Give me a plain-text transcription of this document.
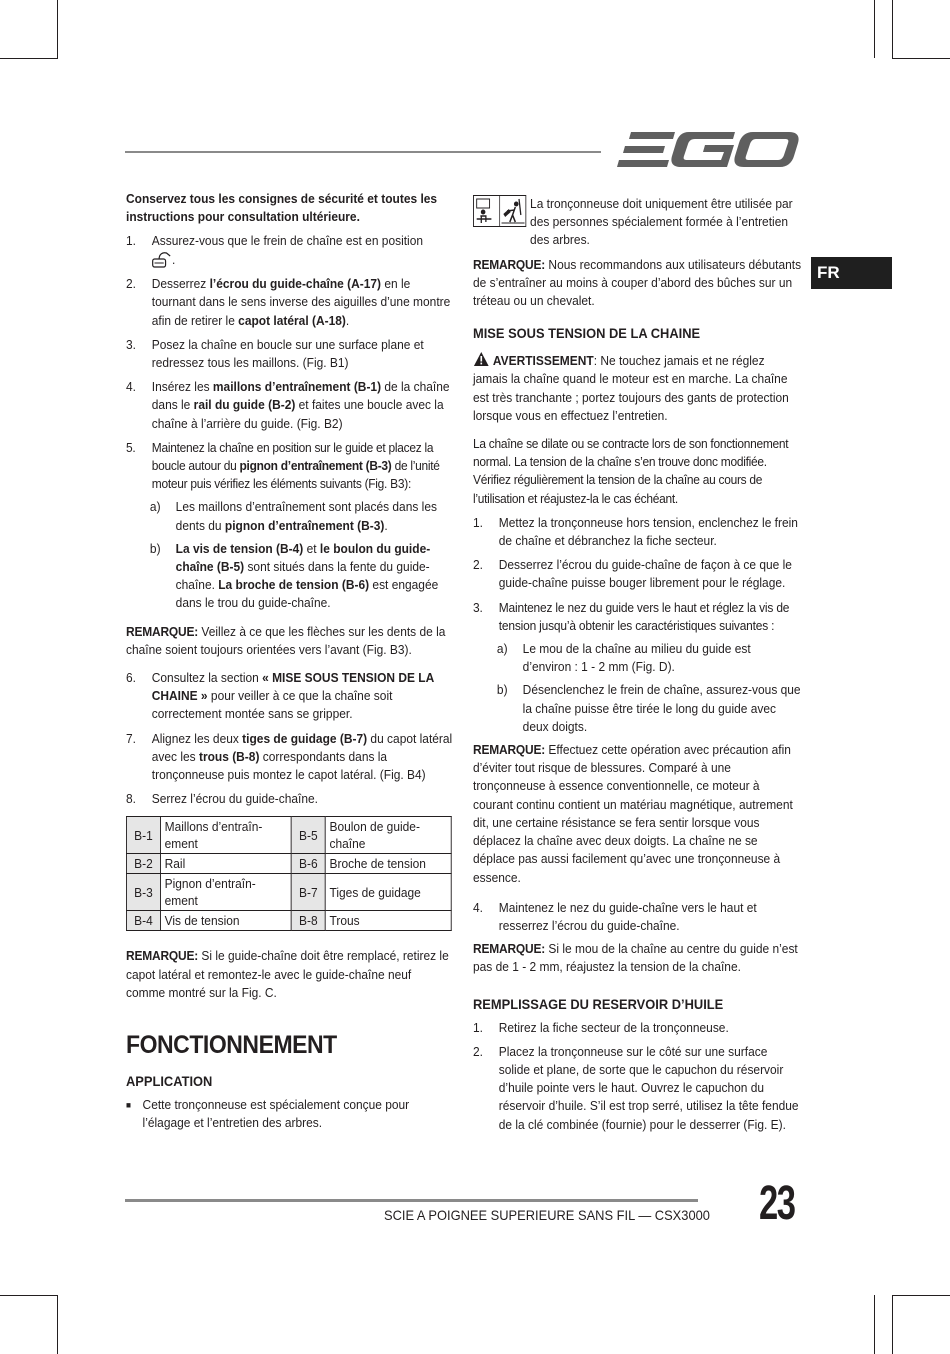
FR

Conservez tous les consignes de sécurité et toutes les instructions pour consultation ultérieure.

1. Assurez-vous que le frein de chaîne est en position
.
2. Desserrez l’écrou du guide-chaîne (A-17) en le tournant dans le sens inverse des aiguilles d’une montre afin de retirer le capot latéral (A-18).
3. Posez la chaîne en boucle sur une surface plane et redressez tous les maillons. (Fig. B1)
4. Insérez les maillons d’entraînement (B-1) de la chaîne dans le rail du guide (B-2) et faites une boucle avec la chaîne à l’arrière du guide. (Fig. B2)
5. Maintenez la chaîne en position sur le guide et placez la boucle autour du pignon d’entraînement (B-3) de l’unité moteur puis vérifiez les éléments suivants (Fig. B3):
a) Les maillons d’entraînement sont placés dans les dents du pignon d’entraînement (B-3).
b) La vis de tension (B-4) et le boulon du guide-chaîne (B-5) sont situés dans la fente du guide-chaîne. La broche de tension (B-6) est engagée dans le trou du guide-chaîne.

REMARQUE: Veillez à ce que les flèches sur les dents de la chaîne soient toujours orientées vers l’avant (Fig. B3).

6. Consultez la section « MISE SOUS TENSION DE LA CHAINE » pour veiller à ce que la chaîne soit correctement montée sans se gripper.
7. Alignez les deux tiges de guidage (B-7) du capot latéral avec les trous (B-8) correspondants dans la tronçonneuse puis montez le capot latéral. (Fig. B4)
8. Serrez l’écrou du guide-chaîne.
B-1	Maillons d’entraîn-ement	B-5	Boulon de guide-chaîne
B-2	Rail	B-6	Broche de tension
B-3	Pignon d’entraîn-ement	B-7	Tiges de guidage
B-4	Vis de tension	B-8	Trous

REMARQUE: Si le guide-chaîne doit être remplacé, retirez le capot latéral et remontez-le avec le guide-chaîne neuf comme montré sur la Fig. C.

FONCTIONNEMENT
APPLICATION
■ Cette tronçonneuse est spécialement conçue pour l’élagage et l’entretien des arbres.
La tronçonneuse doit uniquement être utilisée par des personnes spécialement formée à l’entretien des arbres.

REMARQUE: Nous recommandons aux utilisateurs débutants de s’entraîner au moins à couper d’abord des bûches sur un tréteau ou un chevalet.

MISE SOUS TENSION DE LA CHAINE

AVERTISSEMENT: Ne touchez jamais et ne réglez jamais la chaîne quand le moteur est en marche. La chaîne est très tranchante ; portez toujours des gants de protection lorsque vous en effectuez l’entretien.

La chaîne se dilate ou se contracte lors de son fonctionnement normal. La tension de la chaîne s’en trouve donc modifiée. Vérifiez régulièrement la tension de la chaîne au cours de l’utilisation et réajustez-la le cas échéant.

1. Mettez la tronçonneuse hors tension, enclenchez le frein de chaîne et débranchez la fiche secteur.
2. Desserrez l’écrou du guide-chaîne de façon à ce que le guide-chaîne puisse bouger librement pour le réglage.
3. Maintenez le nez du guide vers le haut et réglez la vis de tension jusqu’à obtenir les caractéristiques suivantes :
a) Le mou de la chaîne au milieu du guide est d’environ : 1 - 2 mm (Fig. D).
b) Désenclenchez le frein de chaîne, assurez-vous que la chaîne puisse être tirée le long du guide avec deux doigts.

REMARQUE: Effectuez cette opération avec précaution afin d’éviter tout risque de blessures. Comparé à une tronçonneuse à essence conventionnelle, ce moteur à courant continu contient un matériau magnétique, autrement dit, une certaine résistance se fera sentir lorsque vous déplacez la chaîne avec deux doigts. La chaîne ne se déplace pas aussi facilement qu’avec une tronçonneuse à essence.

4. Maintenez le nez du guide-chaîne vers le haut et resserrez l’écrou du guide-chaîne.

REMARQUE: Si le mou de la chaîne au centre du guide n’est pas de 1 - 2 mm, réajustez la tension de la chaîne.

REMPLISSAGE DU RESERVOIR D’HUILE
1. Retirez la fiche secteur de la tronçonneuse.
2. Placez la tronçonneuse sur le côté sur une surface solide et plane, de sorte que le capuchon du réservoir d’huile pointe vers le haut. Ouvrez le capuchon du réservoir d’huile. S’il est trop serré, utilisez la tête fendue de la clé combinée (fournie) pour le desserrer (Fig. E).
SCIE A POIGNEE SUPERIEURE SANS FIL — CSX3000 23
